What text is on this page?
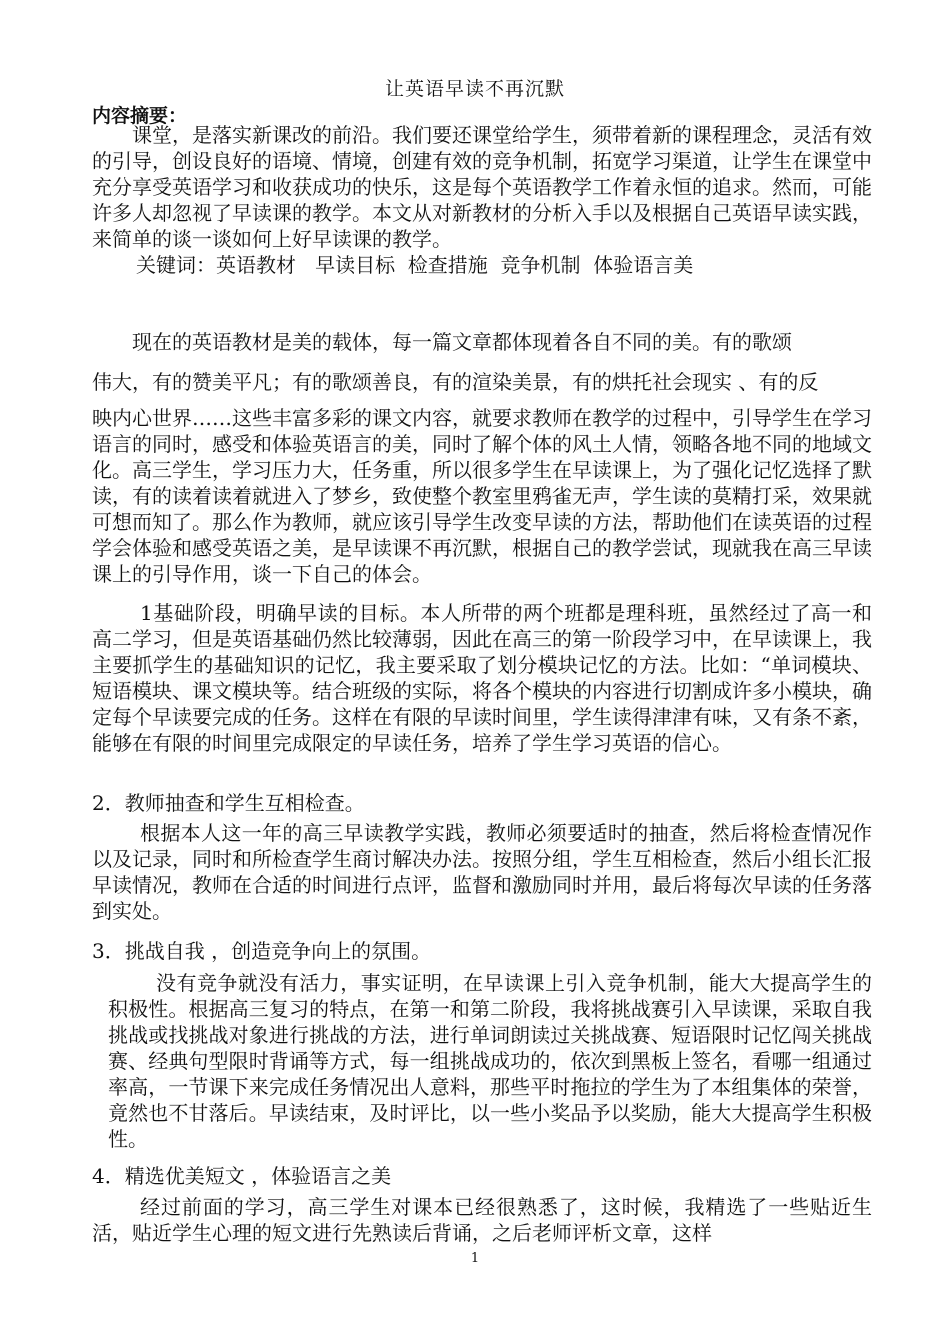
让英语早读不再沉默
内容摘要：

课堂，是落实新课改的前沿。我们要还课堂给学生，须带着新的课程理念，灵活有效的引导，创设良好的语境、情境，创建有效的竞争机制，拓宽学习渠道，让学生在课堂中充分享受英语学习和收获成功的快乐，这是每个英语教学工作着永恒的追求。然而，可能许多人却忽视了早读课的教学。本文从对新教材的分析入手以及根据自己英语早读实践，来简单的谈一谈如何上好早读课的教学。

关键词：英语教材   早读目标  检查措施  竞争机制  体验语言美

现在的英语教材是美的载体，每一篇文章都体现着各自不同的美。有的歌颂

伟大，有的赞美平凡；有的歌颂善良，有的渲染美景，有的烘托社会现实 、有的反

映内心世界……这些丰富多彩的课文内容，就要求教师在教学的过程中，引导学生在学习语言的同时，感受和体验英语言的美，同时了解个体的风土人情，领略各地不同的地域文化。高三学生，学习压力大，任务重，所以很多学生在早读课上，为了强化记忆选择了默读，有的读着读着就进入了梦乡，致使整个教室里鸦雀无声，学生读的莫精打采，效果就可想而知了。那么作为教师，就应该引导学生改变早读的方法，帮助他们在读英语的过程学会体验和感受英语之美，是早读课不再沉默，根据自己的教学尝试，现就我在高三早读课上的引导作用，谈一下自己的体会。

1基础阶段，明确早读的目标。本人所带的两个班都是理科班，虽然经过了高一和高二学习，但是英语基础仍然比较薄弱，因此在高三的第一阶段学习中，在早读课上，我主要抓学生的基础知识的记忆，我主要采取了划分模块记忆的方法。比如：“单词模块、短语模块、课文模块等。结合班级的实际，将各个模块的内容进行切割成许多小模块，确定每个早读要完成的任务。这样在有限的早读时间里，学生读得津津有味，又有条不紊，能够在有限的时间里完成限定的早读任务，培养了学生学习英语的信心。

2．教师抽查和学生互相检查。

根据本人这一年的高三早读教学实践，教师必须要适时的抽查，然后将检查情况作以及记录，同时和所检查学生商讨解决办法。按照分组，学生互相检查，然后小组长汇报早读情况，教师在合适的时间进行点评，监督和激励同时并用，最后将每次早读的任务落到实处。

3．挑战自我 ，创造竞争向上的氛围。

没有竞争就没有活力，事实证明，在早读课上引入竞争机制，能大大提高学生的积极性。根据高三复习的特点，在第一和第二阶段，我将挑战赛引入早读课，采取自我挑战或找挑战对象进行挑战的方法，进行单词朗读过关挑战赛、短语限时记忆闯关挑战赛、经典句型限时背诵等方式，每一组挑战成功的，依次到黑板上签名，看哪一组通过率高，一节课下来完成任务情况出人意料，那些平时拖拉的学生为了本组集体的荣誉，竟然也不甘落后。早读结束，及时评比，以一些小奖品予以奖励，能大大提高学生积极性。

4．精选优美短文 ，体验语言之美

经过前面的学习，高三学生对课本已经很熟悉了，这时候，我精选了一些贴近生活，贴近学生心理的短文进行先熟读后背诵，之后老师评析文章，这样

1
